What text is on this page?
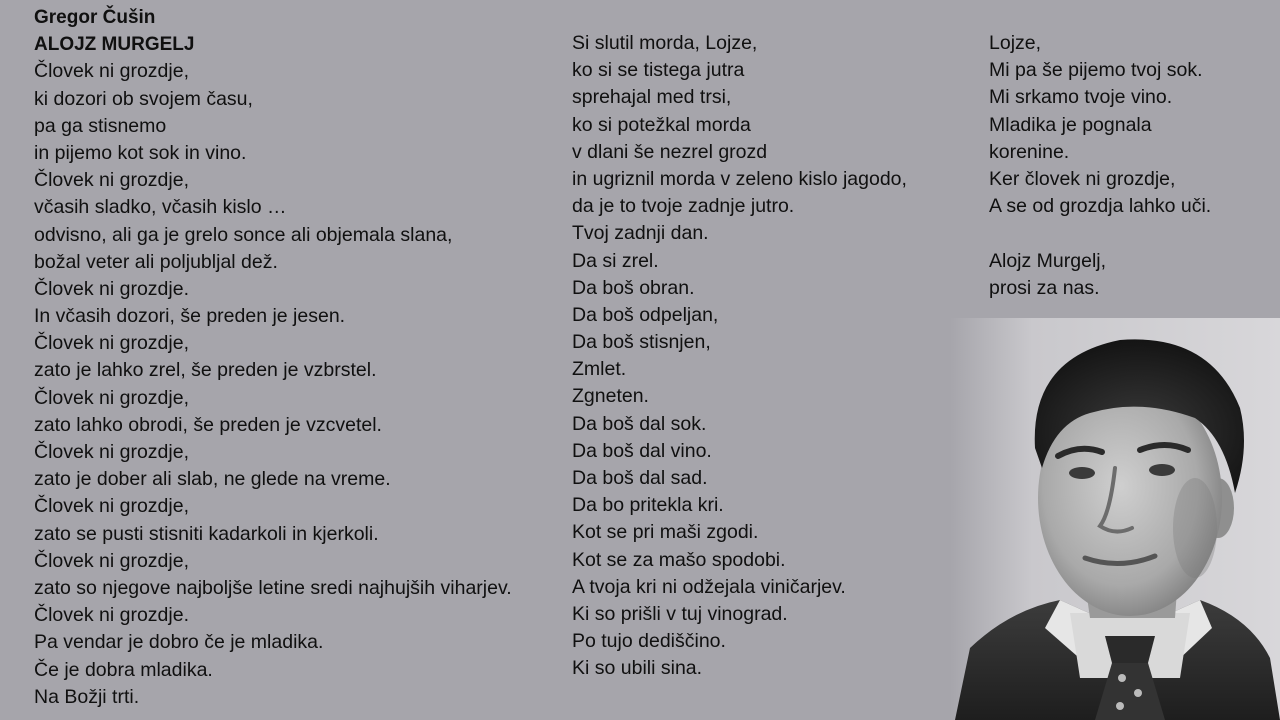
Gregor Čušin
ALOJZ MURGELJ
Človek ni grozdje,
ki dozori ob svojem času,
pa ga stisnemo
in pijemo kot sok in vino.
Človek ni grozdje,
včasih sladko, včasih kislo …
odvisno, ali ga je grelo sonce ali objemala slana,
božal veter ali poljubljal dež.
Človek ni grozdje.
In včasih dozori, še preden je jesen.
Človek ni grozdje,
zato je lahko zrel, še preden je vzbrstel.
Človek ni grozdje,
zato lahko obrodi, še preden je vzcvetel.
Človek ni grozdje,
zato je dober ali slab, ne glede na vreme.
Človek ni grozdje,
zato se pusti stisniti kadarkoli in kjerkoli.
Človek ni grozdje,
zato so njegove najboljše letine sredi najhujših viharjev.
Človek ni grozdje.
Pa vendar je dobro če je mladika.
Če je dobra mladika.
Na Božji trti.
Si slutil morda, Lojze,
ko si se tistega jutra
sprehajal med trsi,
ko si potežkal morda
v dlani še nezrel grozd
in ugriznil morda v zeleno kislo jagodo,
da je to tvoje zadnje jutro.
Tvoj zadnji dan.
Da si zrel.
Da boš obran.
Da boš odpeljan,
Da boš stisnjen,
Zmlet.
Zgneten.
Da boš dal sok.
Da boš dal vino.
Da boš dal sad.
Da bo pritekla kri.
Kot se pri maši zgodi.
Kot se za mašo spodobi.
A tvoja kri ni odžejala viničarjev.
Ki so prišli v tuj vinograd.
Po tujo dediščino.
Ki so ubili sina.
Lojze,
Mi pa še pijemo tvoj sok.
Mi srkamo tvoje vino.
Mladika je pognala
korenine.
Ker človek ni grozdje,
A se od grozdja lahko uči.
Alojz Murgelj,
prosi za nas.
